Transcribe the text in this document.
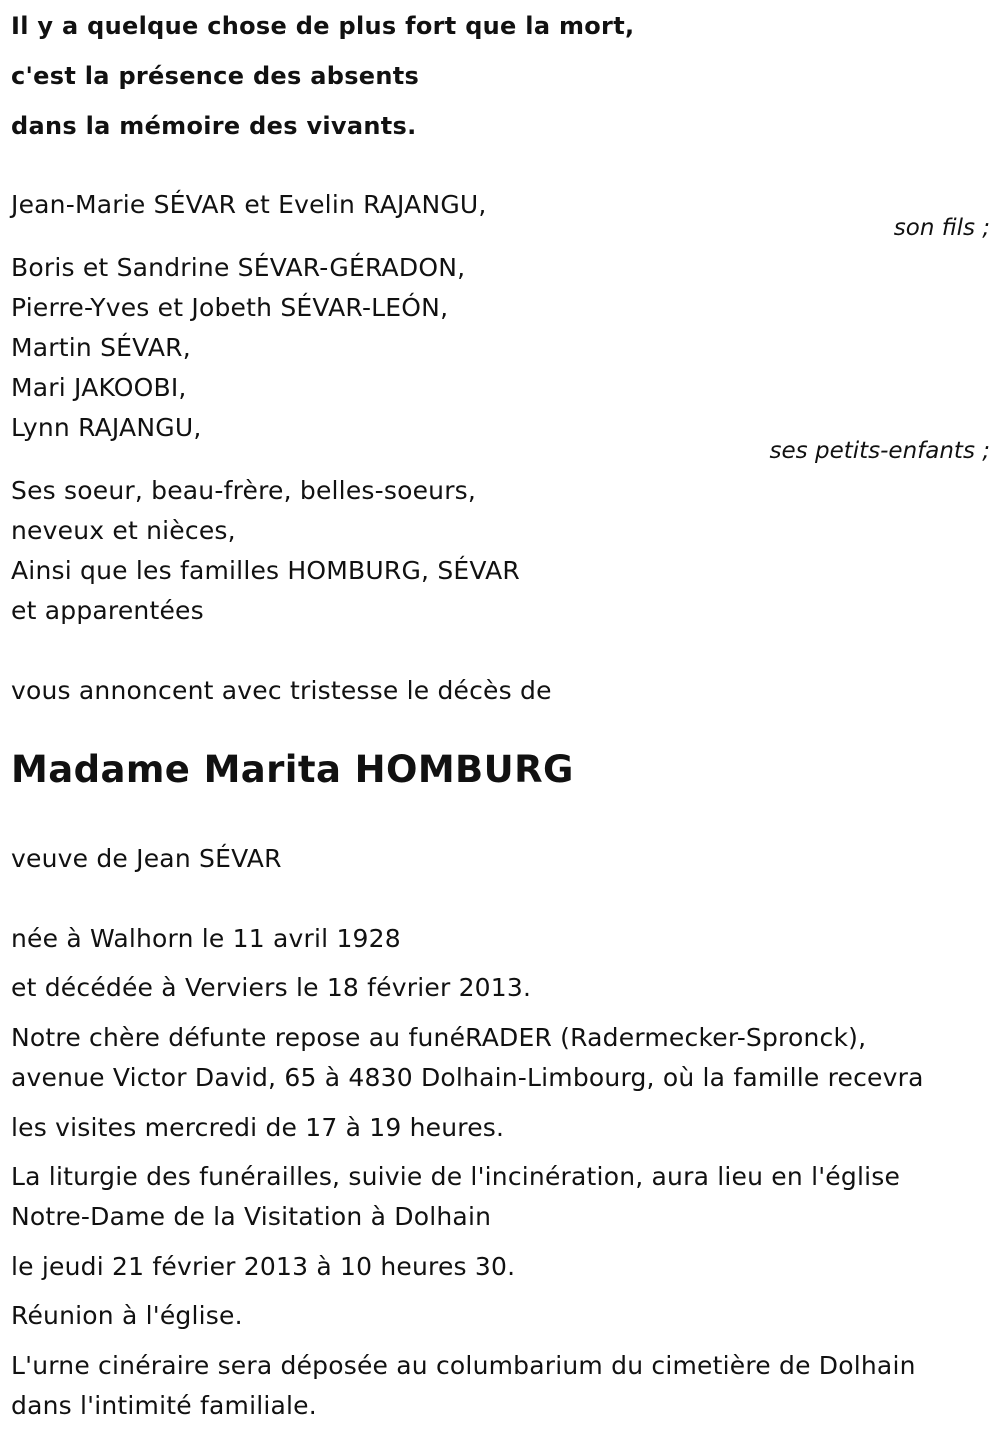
Il y a quelque chose de plus fort que la mort,
c'est la présence des absents
dans la mémoire des vivants.
Jean-Marie SÉVAR et Evelin RAJANGU,
son fils ;
Boris et Sandrine SÉVAR-GÉRADON,
Pierre-Yves et Jobeth SÉVAR-LEÓN,
Martin SÉVAR,
Mari JAKOOBI,
Lynn RAJANGU,
ses petits-enfants ;
Ses soeur, beau-frère, belles-soeurs,
neveux et nièces,
Ainsi que les familles HOMBURG, SÉVAR
et apparentées
vous annoncent avec tristesse le décès de
Madame Marita HOMBURG
veuve de Jean SÉVAR
née à Walhorn le 11 avril 1928
et décédée à Verviers le 18 février 2013.
Notre chère défunte repose au funéRADER (Radermecker-Spronck),
avenue Victor David, 65 à 4830 Dolhain-Limbourg, où la famille recevra
les visites mercredi de 17 à 19 heures.
La liturgie des funérailles, suivie de l'incinération, aura lieu en l'église
Notre-Dame de la Visitation à Dolhain
le jeudi 21 février 2013 à 10 heures 30.
Réunion à l'église.
L'urne cinéraire sera déposée au columbarium du cimetière de Dolhain
dans l'intimité familiale.
